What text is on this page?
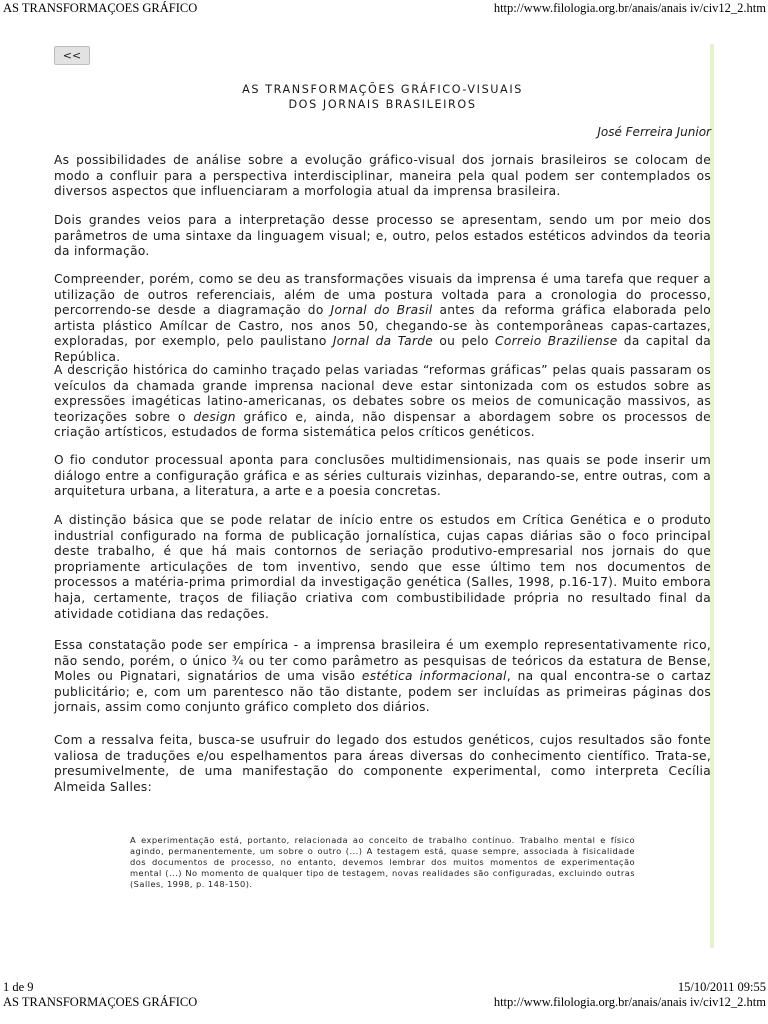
AS TRANSFORMAÇOES GRÁFICO	http://www.filologia.org.br/anais/anais iv/civ12_2.htm
<<
AS TRANSFORMAÇÕES GRÁFICO-VISUAIS
DOS JORNAIS BRASILEIROS
José Ferreira Junior

As possibilidades de análise sobre a evolução gráfico-visual dos jornais brasileiros se colocam de modo a confluir para a perspectiva interdisciplinar, maneira pela qual podem ser contemplados os diversos aspectos que influenciaram a morfologia atual da imprensa brasileira.

Dois grandes veios para a interpretação desse processo se apresentam, sendo um por meio dos parâmetros de uma sintaxe da linguagem visual; e, outro, pelos estados estéticos advindos da teoria da informação.

Compreender, porém, como se deu as transformações visuais da imprensa é uma tarefa que requer a utilização de outros referenciais, além de uma postura voltada para a cronologia do processo, percorrendo-se desde a diagramação do Jornal do Brasil antes da reforma gráfica elaborada pelo artista plástico Amílcar de Castro, nos anos 50, chegando-se às contemporâneas capas-cartazes, exploradas, por exemplo, pelo paulistano Jornal da Tarde ou pelo Correio Braziliense da capital da República.

A descrição histórica do caminho traçado pelas variadas “reformas gráficas” pelas quais passaram os veículos da chamada grande imprensa nacional deve estar sintonizada com os estudos sobre as expressões imagéticas latino-americanas, os debates sobre os meios de comunicação massivos, as teorizações sobre o design gráfico e, ainda, não dispensar a abordagem sobre os processos de criação artísticos, estudados de forma sistemática pelos críticos genéticos.

O fio condutor processual aponta para conclusões multidimensionais, nas quais se pode inserir um diálogo entre a configuração gráfica e as séries culturais vizinhas, deparando-se, entre outras, com a arquitetura urbana, a literatura, a arte e a poesia concretas.

A distinção básica que se pode relatar de início entre os estudos em Crítica Genética e o produto industrial configurado na forma de publicação jornalística, cujas capas diárias são o foco principal deste trabalho, é que há mais contornos de seriação produtivo-empresarial nos jornais do que propriamente articulações de tom inventivo, sendo que esse último tem nos documentos de processos a matéria-prima primordial da investigação genética (Salles, 1998, p.16-17). Muito embora haja, certamente, traços de filiação criativa com combustibilidade própria no resultado final da atividade cotidiana das redações.

Essa constatação pode ser empírica - a imprensa brasileira é um exemplo representativamente rico, não sendo, porém, o único ¾ ou ter como parâmetro as pesquisas de teóricos da estatura de Bense, Moles ou Pignatari, signatários de uma visão estética informacional, na qual encontra-se o cartaz publicitário; e, com um parentesco não tão distante, podem ser incluídas as primeiras páginas dos jornais, assim como conjunto gráfico completo dos diários.

Com a ressalva feita, busca-se usufruir do legado dos estudos genéticos, cujos resultados são fonte valiosa de traduções e/ou espelhamentos para áreas diversas do conhecimento científico. Trata-se, presumivelmente, de uma manifestação do componente experimental, como interpreta Cecília Almeida Salles:

A experimentação está, portanto, relacionada ao conceito de trabalho contínuo. Trabalho mental e físico agindo, permanentemente, um sobre o outro (...) A testagem está, quase sempre, associada à fisicalidade dos documentos de processo, no entanto, devemos lembrar dos muitos momentos de experimentação mental (...) No momento de qualquer tipo de testagem, novas realidades são configuradas, excluindo outras (Salles, 1998, p. 148-150).

1 de 9	15/10/2011 09:55
AS TRANSFORMAÇOES GRÁFICO	http://www.filologia.org.br/anais/anais iv/civ12_2.htm
